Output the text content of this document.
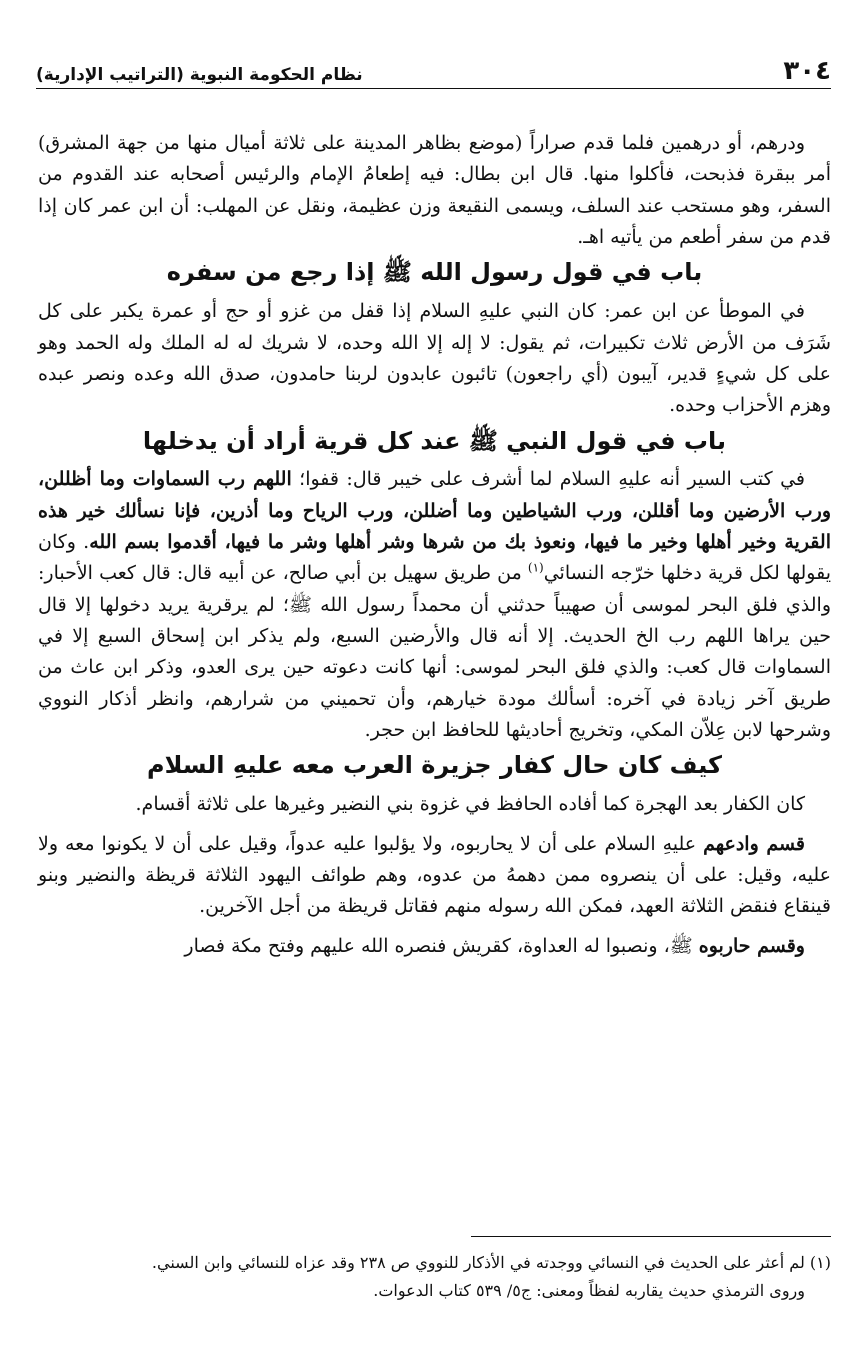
٣٠٤
نظام الحكومة النبوية (التراتيب الإدارية)

ودرهم، أو درهمين فلما قدم صراراً (موضع بظاهر المدينة على ثلاثة أميال منها من جهة المشرق) أمر ببقرة فذبحت، فأكلوا منها. قال ابن بطال: فيه إطعامُ الإمام والرئيس أصحابه عند القدوم من السفر، وهو مستحب عند السلف، ويسمى النقيعة وزن عظيمة، ونقل عن المهلب: أن ابن عمر كان إذا قدم من سفر أطعم من يأتيه اهـ.

باب في قول رسول الله ﷺ إذا رجع من سفره

في الموطأ عن ابن عمر: كان النبي عليهِ السلام إذا قفل من غزو أو حج أو عمرة يكبر على كل شَرَف من الأرض ثلاث تكبيرات، ثم يقول: لا إله إلا الله وحده، لا شريك له له الملك وله الحمد وهو على كل شيءٍ قدير، آيبون (أي راجعون) تائبون عابدون لربنا حامدون، صدق الله وعده ونصر عبده وهزم الأحزاب وحده.

باب في قول النبي ﷺ عند كل قرية أراد أن يدخلها

في كتب السير أنه عليهِ السلام لما أشرف على خيبر قال: قفوا؛ اللهم رب السماوات وما أظللن، ورب الأرضين وما أقللن، ورب الشياطين وما أضللن، ورب الرياح وما أذرين، فإنا نسألك خير هذه القرية وخير أهلها وخير ما فيها، ونعوذ بك من شرها وشر أهلها وشر ما فيها، أقدموا بسم الله. وكان يقولها لكل قرية دخلها خرّجه النسائي$^{(١)}$ من طريق سهيل بن أبي صالح، عن أبيه قال: قال كعب الأحبار: والذي فلق البحر لموسى أن صهيباً حدثني أن محمداً رسول الله ﷺ؛ لم يرقرية يريد دخولها إلا قال حين يراها اللهم رب الخ الحديث. إلا أنه قال والأرضين السبع، ولم يذكر ابن إسحاق السبع إلا في السماوات قال كعب: والذي فلق البحر لموسى: أنها كانت دعوته حين يرى العدو، وذكر ابن عاث من طريق آخر زيادة في آخره: أسألك مودة خيارهم، وأن تحميني من شرارهم، وانظر أذكار النووي وشرحها لابن عِلاّن المكي، وتخريج أحاديثها للحافظ ابن حجر.

كيف كان حال كفار جزيرة العرب معه عليهِ السلام

كان الكفار بعد الهجرة كما أفاده الحافظ في غزوة بني النضير وغيرها على ثلاثة أقسام.

قسم وادعهم عليهِ السلام على أن لا يحاربوه، ولا يؤلبوا عليه عدواً، وقيل على أن لا يكونوا معه ولا عليه، وقيل: على أن ينصروه ممن دهمهُ من عدوه، وهم طوائف اليهود الثلاثة قريظة والنضير وبنو قينقاع فنقض الثلاثة العهد، فمكن الله رسوله منهم فقاتل قريظة من أجل الآخرين.

وقسم حاربوه ﷺ، ونصبوا له العداوة، كقريش فنصره الله عليهم وفتح مكة فصار

(١) لم أعثر على الحديث في النسائي ووجدته في الأذكار للنووي ص ٢٣٨ وقد عزاه للنسائي وابن السني.

وروى الترمذي حديث يقاربه لفظاً ومعنى: ج٥/ ٥٣٩ كتاب الدعوات.
